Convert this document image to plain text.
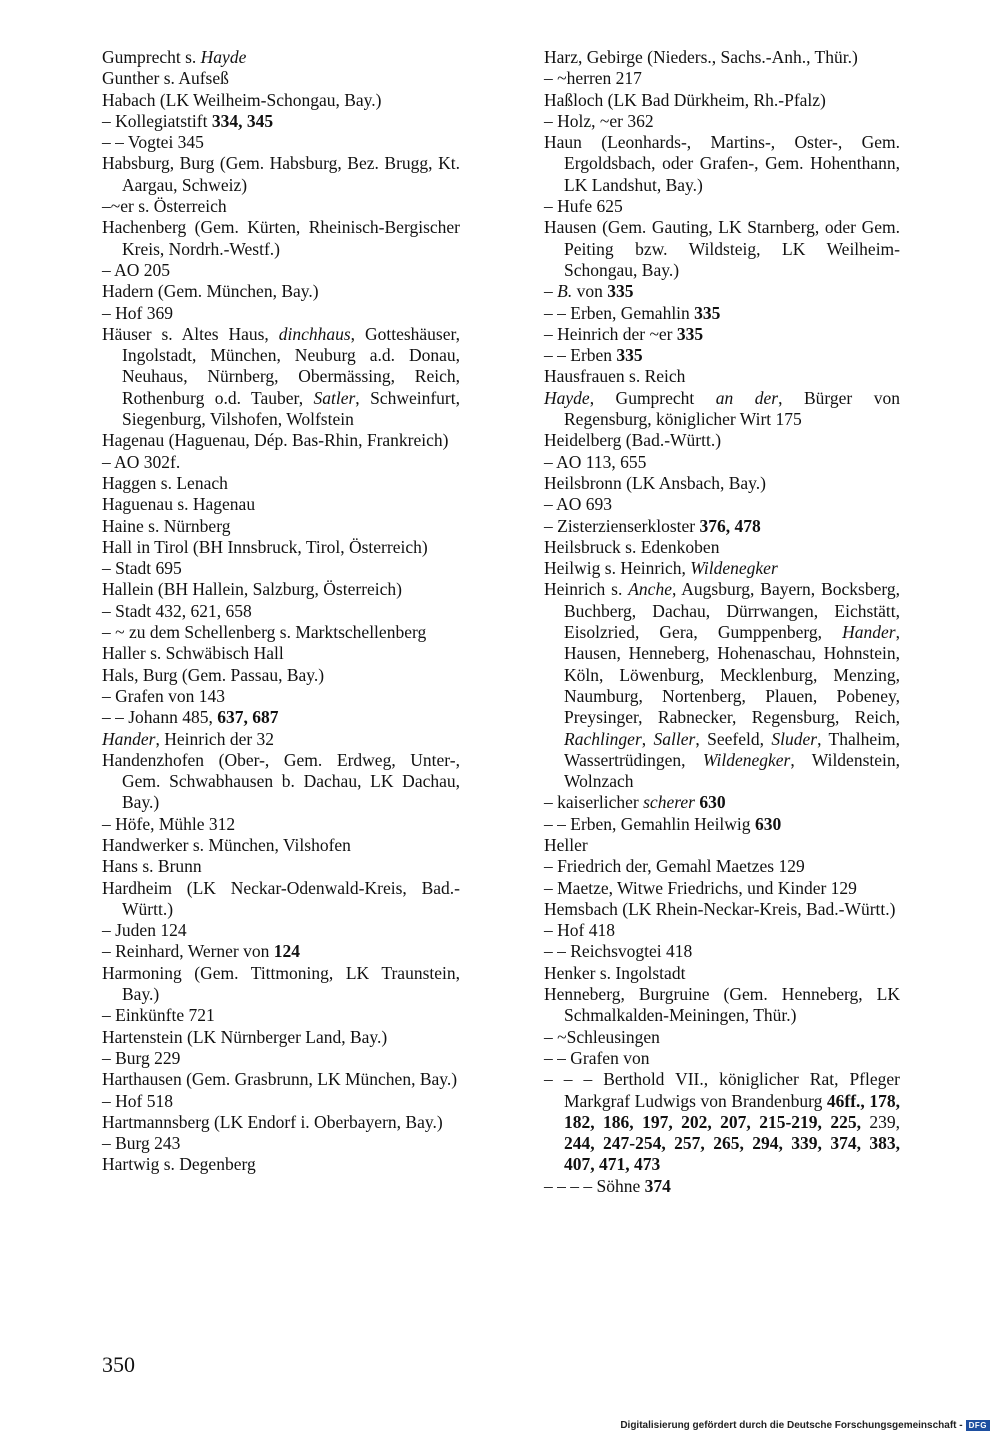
Gumprecht s. Hayde
Gunther s. Aufseß
Habach (LK Weilheim-Schongau, Bay.)
– Kollegiatstift 334, 345
– – Vogtei 345
Habsburg, Burg (Gem. Habsburg, Bez. Brugg, Kt. Aargau, Schweiz)
–~er s. Österreich
Hachenberg (Gem. Kürten, Rheinisch-Bergischer Kreis, Nordrh.-Westf.)
– AO 205
Hadern (Gem. München, Bay.)
– Hof 369
Häuser s. Altes Haus, dinchhaus, Gotteshäuser, Ingolstadt, München, Neuburg a.d. Donau, Neuhaus, Nürnberg, Obermässing, Reich, Rothenburg o.d. Tauber, Satler, Schweinfurt, Siegenburg, Vilshofen, Wolfstein
Hagenau (Haguenau, Dép. Bas-Rhin, Frankreich)
– AO 302f.
Haggen s. Lenach
Haguenau s. Hagenau
Haine s. Nürnberg
Hall in Tirol (BH Innsbruck, Tirol, Österreich)
– Stadt 695
Hallein (BH Hallein, Salzburg, Österreich)
– Stadt 432, 621, 658
– ~ zu dem Schellenberg s. Marktschellenberg
Haller s. Schwäbisch Hall
Hals, Burg (Gem. Passau, Bay.)
– Grafen von 143
– – Johann 485, 637, 687
Hander, Heinrich der 32
Handenzhofen (Ober-, Gem. Erdweg, Unter-, Gem. Schwabhausen b. Dachau, LK Dachau, Bay.)
– Höfe, Mühle 312
Handwerker s. München, Vilshofen
Hans s. Brunn
Hardheim (LK Neckar-Odenwald-Kreis, Bad.-Württ.)
– Juden 124
– Reinhard, Werner von 124
Harmoning (Gem. Tittmoning, LK Traunstein, Bay.)
– Einkünfte 721
Hartenstein (LK Nürnberger Land, Bay.)
– Burg 229
Harthausen (Gem. Grasbrunn, LK München, Bay.)
– Hof 518
Hartmannsberg (LK Endorf i. Oberbayern, Bay.)
– Burg 243
Hartwig s. Degenberg
Harz, Gebirge (Nieders., Sachs.-Anh., Thür.)
– ~herren 217
Haßloch (LK Bad Dürkheim, Rh.-Pfalz)
– Holz, ~er 362
Haun (Leonhards-, Martins-, Oster-, Gem. Ergoldsbach, oder Grafen-, Gem. Hohenthann, LK Landshut, Bay.)
– Hufe 625
Hausen (Gem. Gauting, LK Starnberg, oder Gem. Peiting bzw. Wildsteig, LK Weilheim-Schongau, Bay.)
– B. von 335
– – Erben, Gemahlin 335
– Heinrich der ~er 335
– – Erben 335
Hausfrauen s. Reich
Hayde, Gumprecht an der, Bürger von Regensburg, königlicher Wirt 175
Heidelberg (Bad.-Württ.)
– AO 113, 655
Heilsbronn (LK Ansbach, Bay.)
– AO 693
– Zisterzienserkloster 376, 478
Heilsbruck s. Edenkoben
Heilwig s. Heinrich, Wildenegker
Heinrich s. Anche, Augsburg, Bayern, Bocksberg, Buchberg, Dachau, Dürrwangen, Eichstätt, Eisolzried, Gera, Gumppenberg, Hander, Hausen, Henneberg, Hohenaschau, Hohnstein, Köln, Löwenburg, Mecklenburg, Menzing, Naumburg, Nortenberg, Plauen, Pobeney, Preysinger, Rabnecker, Regensburg, Reich, Rachlinger, Saller, Seefeld, Sluder, Thalheim, Wassertrüdingen, Wildenegker, Wildenstein, Wolnzach
– kaiserlicher scherer 630
– – Erben, Gemahlin Heilwig 630
Heller
– Friedrich der, Gemahl Maetzes 129
– Maetze, Witwe Friedrichs, und Kinder 129
Hemsbach (LK Rhein-Neckar-Kreis, Bad.-Württ.)
– Hof 418
– – Reichsvogtei 418
Henker s. Ingolstadt
Henneberg, Burgruine (Gem. Henneberg, LK Schmalkalden-Meiningen, Thür.)
– ~Schleusingen
– – Grafen von
– – – Berthold VII., königlicher Rat, Pfleger Markgraf Ludwigs von Brandenburg 46ff., 178, 182, 186, 197, 202, 207, 215-219, 225, 239, 244, 247-254, 257, 265, 294, 339, 374, 383, 407, 471, 473
– – – – Söhne 374
350
Digitalisierung gefördert durch die Deutsche Forschungsgemeinschaft - DFG
